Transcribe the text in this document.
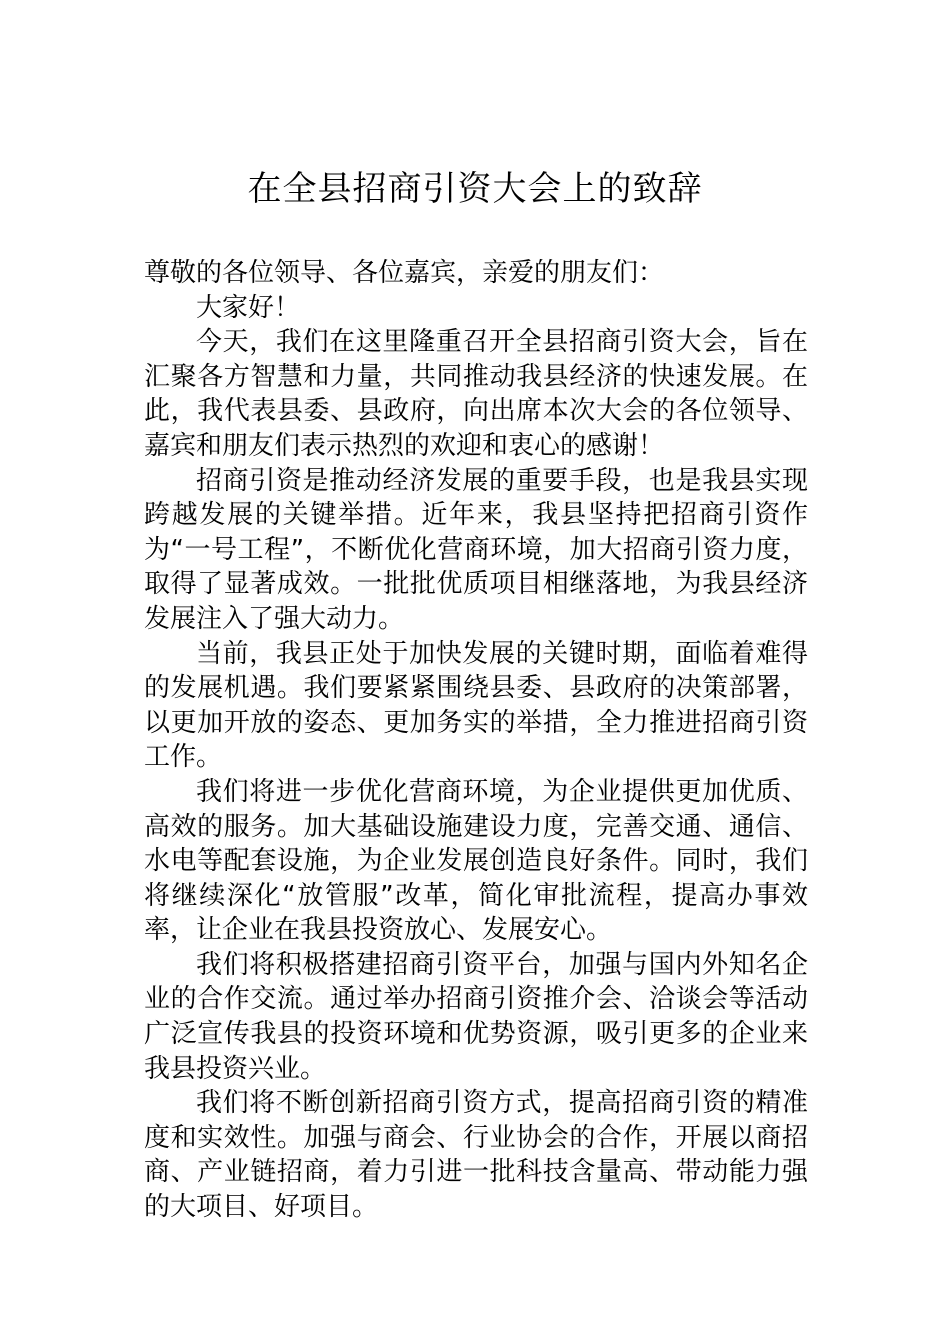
在全县招商引资大会上的致辞

尊敬的各位领导、各位嘉宾，亲爱的朋友们：

大家好！

今天，我们在这里隆重召开全县招商引资大会，旨在汇聚各方智慧和力量，共同推动我县经济的快速发展。在此，我代表县委、县政府，向出席本次大会的各位领导、嘉宾和朋友们表示热烈的欢迎和衷心的感谢！

招商引资是推动经济发展的重要手段，也是我县实现跨越发展的关键举措。近年来，我县坚持把招商引资作为“一号工程”，不断优化营商环境，加大招商引资力度，取得了显著成效。一批批优质项目相继落地，为我县经济发展注入了强大动力。

当前，我县正处于加快发展的关键时期，面临着难得的发展机遇。我们要紧紧围绕县委、县政府的决策部署，以更加开放的姿态、更加务实的举措，全力推进招商引资工作。

我们将进一步优化营商环境，为企业提供更加优质、高效的服务。加大基础设施建设力度，完善交通、通信、水电等配套设施，为企业发展创造良好条件。同时，我们将继续深化“放管服”改革，简化审批流程，提高办事效率，让企业在我县投资放心、发展安心。

我们将积极搭建招商引资平台，加强与国内外知名企业的合作交流。通过举办招商引资推介会、洽谈会等活动广泛宣传我县的投资环境和优势资源，吸引更多的企业来我县投资兴业。

我们将不断创新招商引资方式，提高招商引资的精准度和实效性。加强与商会、行业协会的合作，开展以商招商、产业链招商，着力引进一批科技含量高、带动能力强的大项目、好项目。
